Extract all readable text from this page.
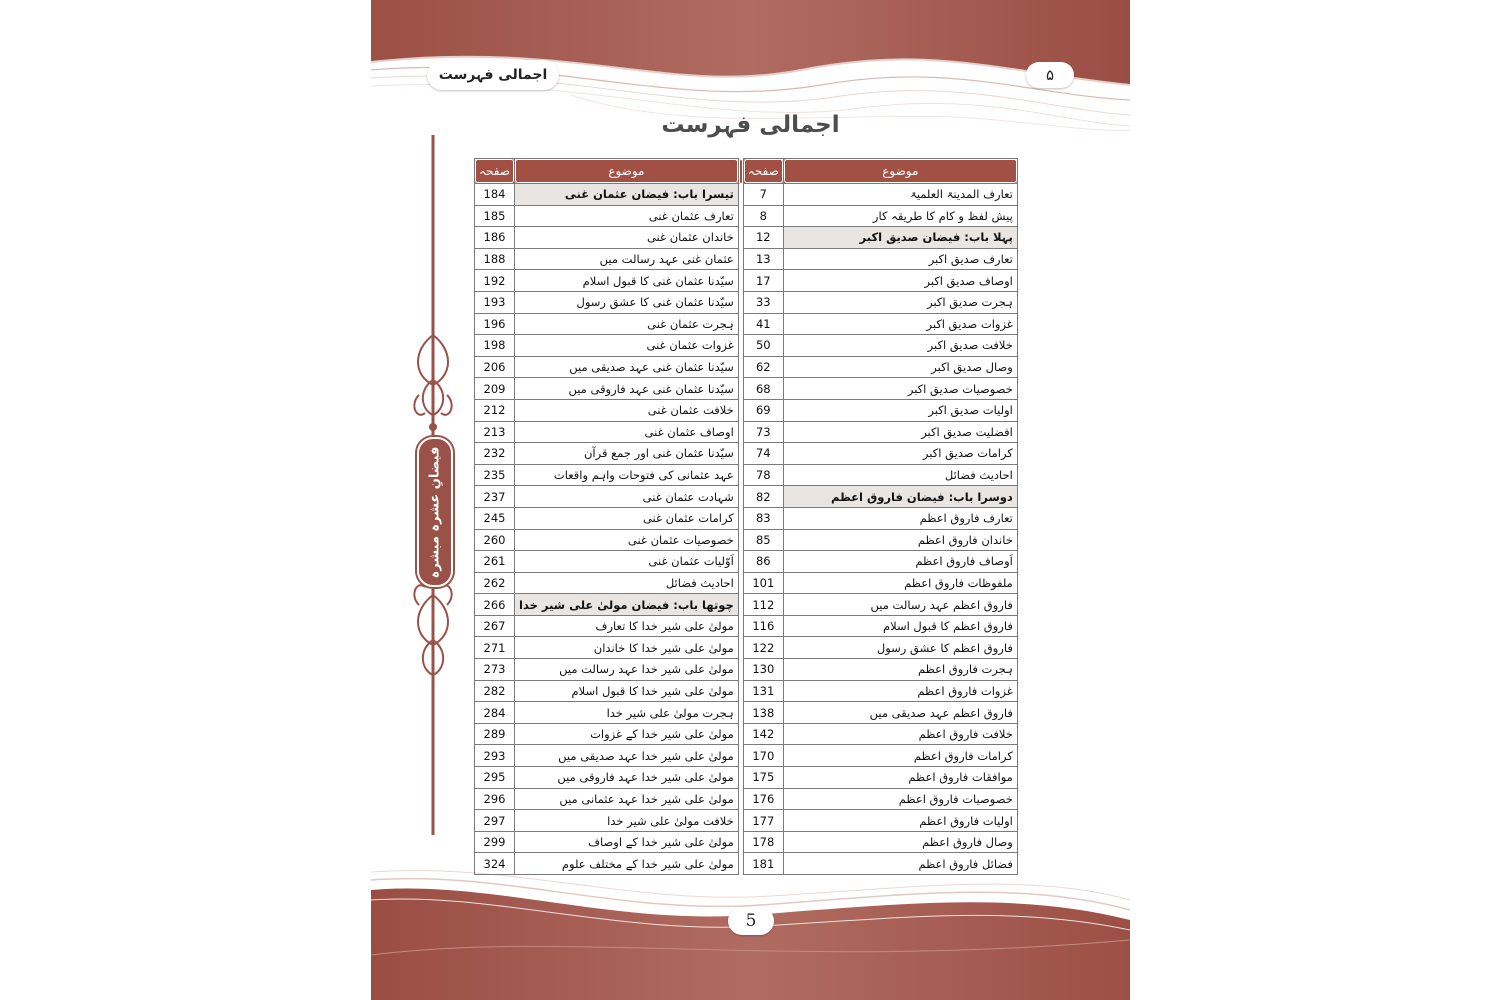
اجمالی فہرست	۵
اجمالی فہرست
فیضانِ عشرہ مبشرہ
صفحہ	موضوع		صفحہ	موضوع
184	تیسرا باب: فیضان عثمان غنی		7	تعارف المدینۃ العلمیۃ
185	تعارف عثمان غنی		8	پیش لفظ و کام کا طریقہ کار
186	خاندان عثمان غنی		12	پہلا باب: فیضان صدیق اکبر
188	عثمان غنی عہد رسالت میں		13	تعارف صدیق اکبر
192	سیّدنا عثمان غنی کا قبول اسلام		17	اوصاف صدیق اکبر
193	سیّدنا عثمان غنی کا عشق رسول		33	ہجرت صدیق اکبر
196	ہجرت عثمان غنی		41	غزوات صدیق اکبر
198	غزوات عثمان غنی		50	خلافت صدیق اکبر
206	سیّدنا عثمان غنی عہد صدیقی میں		62	وصال صدیق اکبر
209	سیّدنا عثمان غنی عہد فاروقی میں		68	خصوصیات صدیق اکبر
212	خلافت عثمان غنی		69	اولیات صدیق اکبر
213	اوصاف عثمان غنی		73	افضلیت صدیق اکبر
232	سیّدنا عثمان غنی اور جمع قرآن		74	کرامات صدیق اکبر
235	عہد عثمانی کی فتوحات واہم واقعات		78	احادیث فضائل
237	شہادت عثمان غنی		82	دوسرا باب: فیضان فاروق اعظم
245	کرامات عثمان غنی		83	تعارف فاروق اعظم
260	خصوصیات عثمان غنی		85	خاندان فاروق اعظم
261	اَوّلیات عثمان غنی		86	اَوصاف فاروق اعظم
262	احادیث فضائل		101	ملفوظات فاروق اعظم
266	چوتھا باب: فیضان مولیٰ علی شیر خدا		112	فاروق اعظم عہد رسالت میں
267	مولیٰ علی شیر خدا کا تعارف		116	فاروق اعظم کا قبول اسلام
271	مولیٰ علی شیر خدا کا خاندان		122	فاروق اعظم کا عشق رسول
273	مولیٰ علی شیر خدا عہد رسالت میں		130	ہجرت فاروق اعظم
282	مولیٰ علی شیر خدا کا قبول اسلام		131	غزوات فاروق اعظم
284	ہجرت مولیٰ علی شیر خدا		138	فاروق اعظم عہد صدیقی میں
289	مولیٰ علی شیر خدا کے غزوات		142	خلافت فاروق اعظم
293	مولیٰ علی شیر خدا عہد صدیقی میں		170	کرامات فاروق اعظم
295	مولیٰ علی شیر خدا عہد فاروقی میں		175	موافقات فاروق اعظم
296	مولیٰ علی شیر خدا عہد عثمانی میں		176	خصوصیات فاروق اعظم
297	خلافت مولیٰ علی شیر خدا		177	اولیات فاروق اعظم
299	مولیٰ علی شیر خدا کے اوصاف		178	وصال فاروق اعظم
324	مولیٰ علی شیر خدا کے مختلف علوم		181	فضائل فاروق اعظم
5
